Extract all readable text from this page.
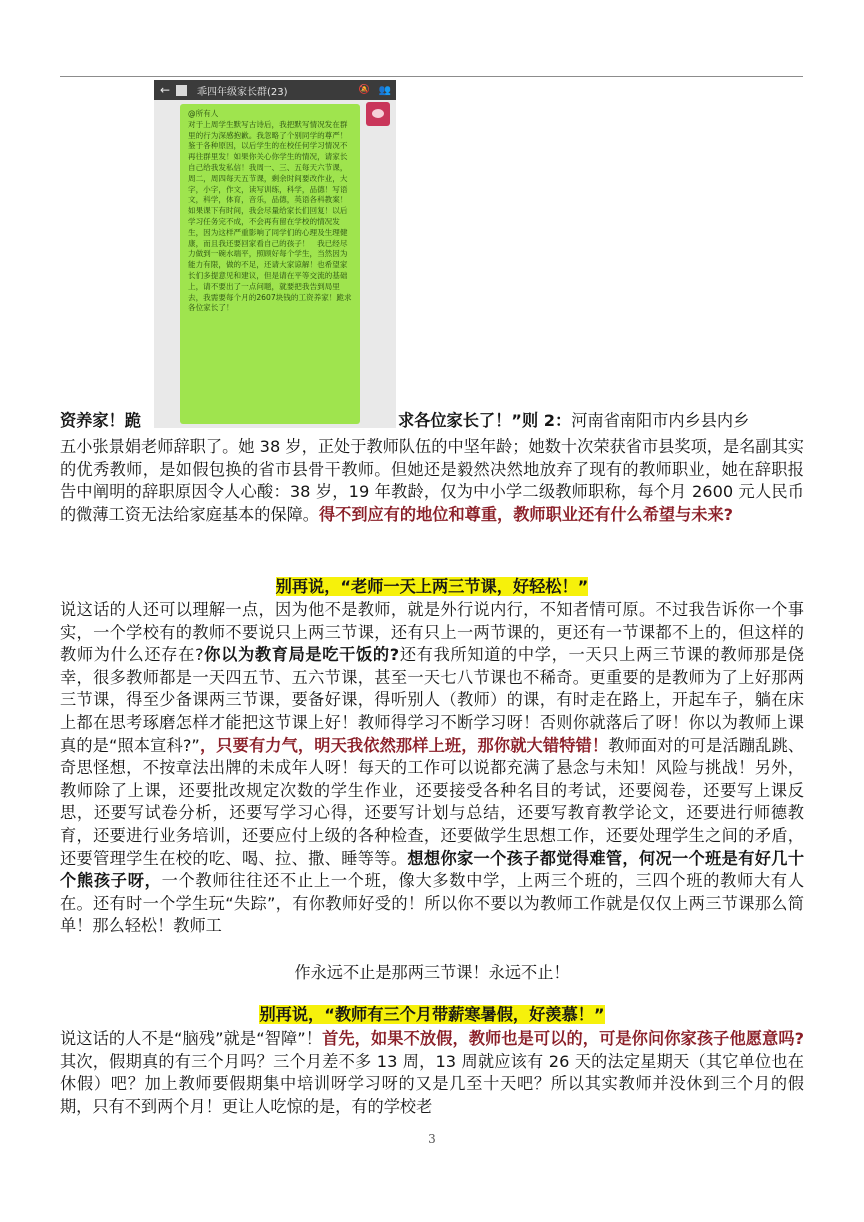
←	乖四年级家长群(23)	🔕 👥
@所有人
对于上周学生默写古诗后，我把默写情况发在群里的行为深感抱歉。我忽略了个别同学的尊严！鉴于各种原因，以后学生的在校任何学习情况不再往群里发！如果你关心你学生的情况，请家长自己给我发私信！我周一、三、五每天六节课，周二，周四每天五节课，剩余时间要改作业，大字，小字，作文，读写训练，科学，品德！写语文，科学，体育，音乐，品德，英语各科教案！如果课下有时间，我会尽量给家长们回复！以后学习任务完不成，不会再有留在学校的情况发生，因为这样严重影响了同学们的心理及生理健康，而且我还要回家看自己的孩子！　我已经尽力做到一碗水端平，照顾好每个学生，当然因为能力有限，做的不足，还请大家谅解！也希望家长们多提意见和建议，但是请在平等交流的基础上，请不要出了一点问题，就要把我告到局里去，我需要每个月的2607块钱的工资养家！跪求各位家长了！

资养家！跪	求各位家长了！”则 2：河南省南阳市内乡县内乡

五小张景娟老师辞职了。她 38 岁，正处于教师队伍的中坚年龄；她数十次荣获省市县奖项，是名副其实的优秀教师，是如假包换的省市县骨干教师。但她还是毅然决然地放弃了现有的教师职业，她在辞职报告中阐明的辞职原因令人心酸：38 岁，19 年教龄，仅为中小学二级教师职称，每个月 2600 元人民币的微薄工资无法给家庭基本的保障。得不到应有的地位和尊重，教师职业还有什么希望与未来?

别再说，“老师一天上两三节课，好轻松！”

说这话的人还可以理解一点，因为他不是教师，就是外行说内行，不知者情可原。不过我告诉你一个事实，一个学校有的教师不要说只上两三节课，还有只上一两节课的，更还有一节课都不上的，但这样的教师为什么还存在?你以为教育局是吃干饭的?还有我所知道的中学，一天只上两三节课的教师那是侥幸，很多教师都是一天四五节、五六节课，甚至一天七八节课也不稀奇。更重要的是教师为了上好那两三节课，得至少备课两三节课，要备好课，得听别人（教师）的课，有时走在路上，开起车子，躺在床上都在思考琢磨怎样才能把这节课上好！教师得学习不断学习呀！否则你就落后了呀！你以为教师上课真的是“照本宣科?”，只要有力气，明天我依然那样上班，那你就大错特错！教师面对的可是活蹦乱跳、奇思怪想，不按章法出牌的未成年人呀！每天的工作可以说都充满了悬念与未知！风险与挑战！另外，教师除了上课，还要批改规定次数的学生作业，还要接受各种名目的考试，还要阅卷，还要写上课反思，还要写试卷分析，还要写学习心得，还要写计划与总结，还要写教育教学论文，还要进行师德教育，还要进行业务培训，还要应付上级的各种检查，还要做学生思想工作，还要处理学生之间的矛盾，还要管理学生在校的吃、喝、拉、撒、睡等等。想想你家一个孩子都觉得难管，何况一个班是有好几十个熊孩子呀，一个教师往往还不止上一个班，像大多数中学，上两三个班的，三四个班的教师大有人在。还有时一个学生玩“失踪”，有你教师好受的！所以你不要以为教师工作就是仅仅上两三节课那么简单！那么轻松！教师工

作永远不止是那两三节课！永远不止！

别再说，“教师有三个月带薪寒暑假，好羡慕！”

说这话的人不是“脑残”就是“智障”！首先，如果不放假，教师也是可以的，可是你问你家孩子他愿意吗?其次，假期真的有三个月吗？三个月差不多 13 周，13 周就应该有 26 天的法定星期天（其它单位也在休假）吧？加上教师要假期集中培训呀学习呀的又是几至十天吧？所以其实教师并没休到三个月的假期，只有不到两个月！更让人吃惊的是，有的学校老

3
